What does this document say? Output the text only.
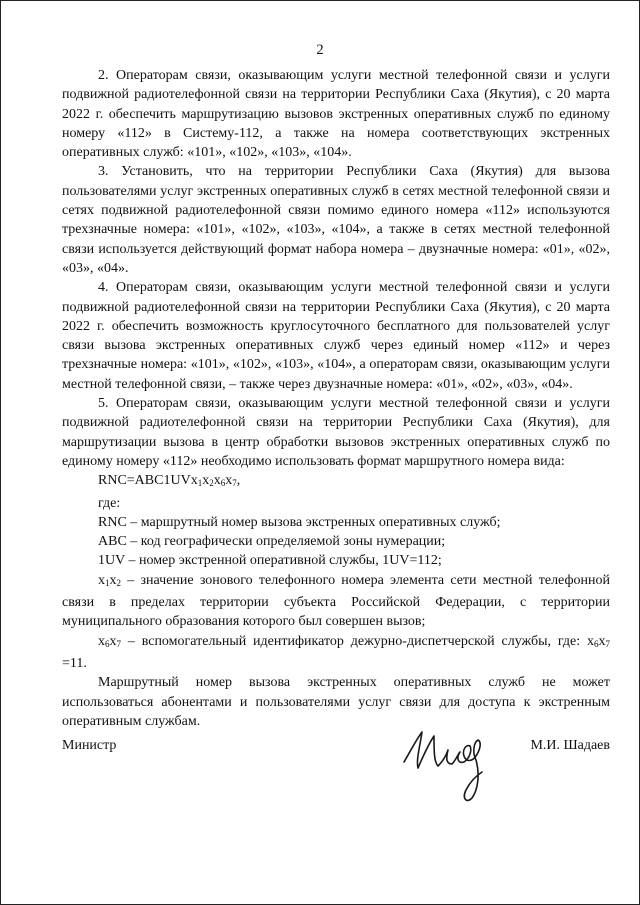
2

2. Операторам связи, оказывающим услуги местной телефонной связи и услуги подвижной радиотелефонной связи на территории Республики Саха (Якутия), с 20 марта 2022 г. обеспечить маршрутизацию вызовов экстренных оперативных служб по единому номеру «112» в Систему-112, а также на номера соответствующих экстренных оперативных служб: «101», «102», «103», «104».

3. Установить, что на территории Республики Саха (Якутия) для вызова пользователями услуг экстренных оперативных служб в сетях местной телефонной связи и сетях подвижной радиотелефонной связи помимо единого номера «112» используются трехзначные номера: «101», «102», «103», «104», а также в сетях местной телефонной связи используется действующий формат набора номера – двузначные номера: «01», «02», «03», «04».

4. Операторам связи, оказывающим услуги местной телефонной связи и услуги подвижной радиотелефонной связи на территории Республики Саха (Якутия), с 20 марта 2022 г. обеспечить возможность круглосуточного бесплатного для пользователей услуг связи вызова экстренных оперативных служб через единый номер «112» и через трехзначные номера: «101», «102», «103», «104», а операторам связи, оказывающим услуги местной телефонной связи, – также через двузначные номера: «01», «02», «03», «04».

5. Операторам связи, оказывающим услуги местной телефонной связи и услуги подвижной радиотелефонной связи на территории Республики Саха (Якутия), для маршрутизации вызова в центр обработки вызовов экстренных оперативных служб по единому номеру «112» необходимо использовать формат маршрутного номера вида:

$RNC=ABC1UVx_1x_2x_6x_7$,

где:

RNC – маршрутный номер вызова экстренных оперативных служб;

ABC – код географически определяемой зоны нумерации;

1UV – номер экстренной оперативной службы, 1UV=112;

$x_1x_2$ – значение зонового телефонного номера элемента сети местной телефонной связи в пределах территории субъекта Российской Федерации, с территории муниципального образования которого был совершен вызов;

$x_6x_7$ – вспомогательный идентификатор дежурно-диспетчерской службы, где: $x_6x_7 =11$.

Маршрутный номер вызова экстренных оперативных служб не может использоваться абонентами и пользователями услуг связи для доступа к экстренным оперативным службам.

Министр	М.И. Шадаев
